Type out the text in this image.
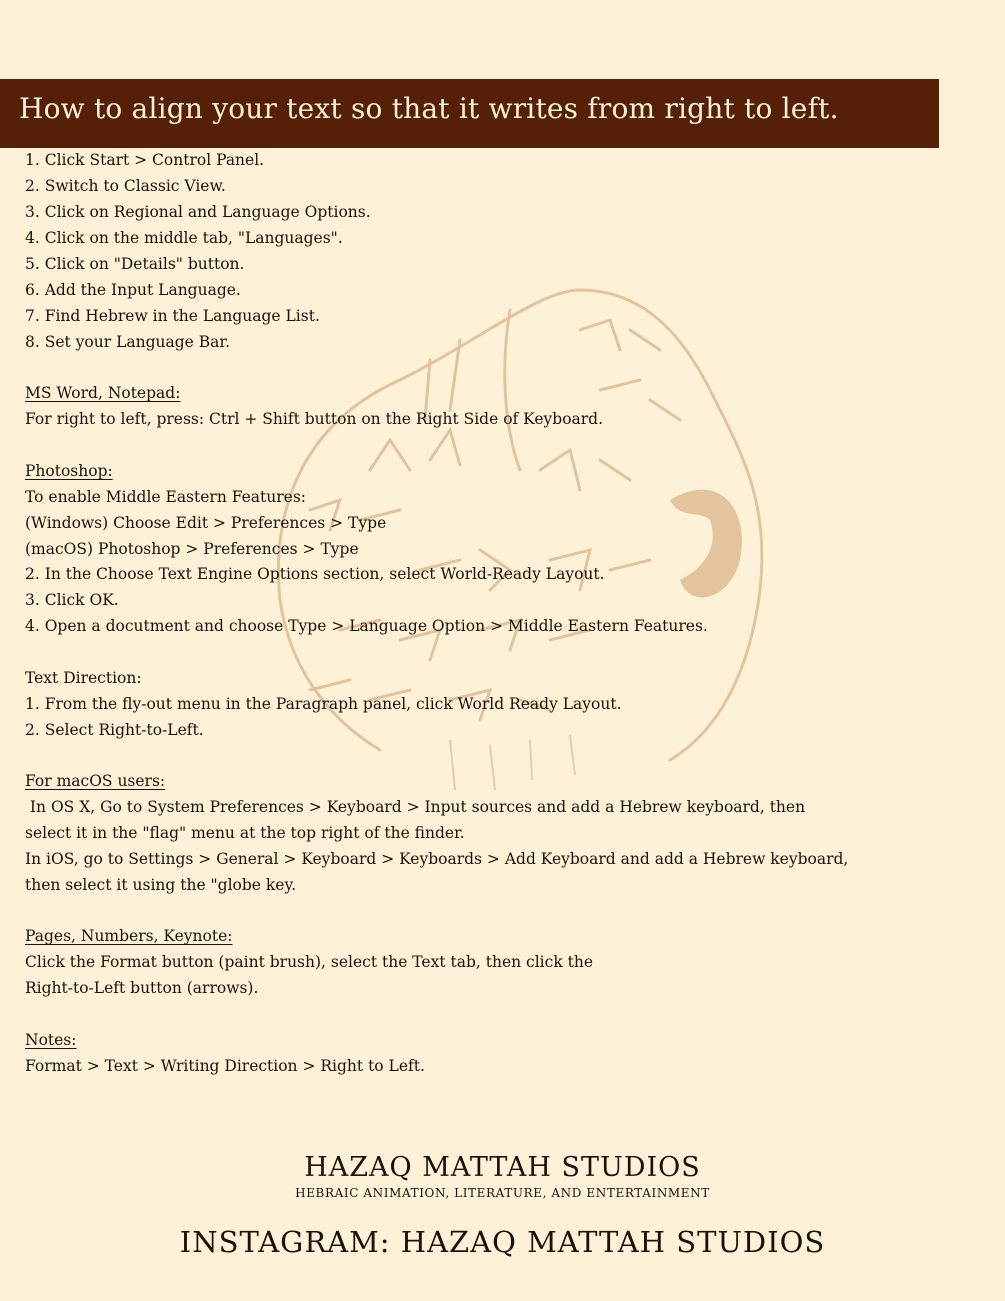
How to align your text so that it writes from right to left.
For PC Users:
1. Click Start > Control Panel.
2. Switch to Classic View.
3. Click on Regional and Language Options.
4. Click on the middle tab, "Languages".
5. Click on "Details" button.
6. Add the Input Language.
7. Find Hebrew in the Language List.
8. Set your Language Bar.
MS Word, Notepad:
For right to left, press: Ctrl + Shift button on the Right Side of Keyboard.
Photoshop:
To enable Middle Eastern Features:
(Windows) Choose Edit > Preferences > Type
(macOS) Photoshop > Preferences > Type
2. In the Choose Text Engine Options section, select World-Ready Layout.
3. Click OK.
4. Open a docutment and choose Type > Language Option > Middle Eastern Features.
Text Direction:
1. From the fly-out menu in the Paragraph panel, click World Ready Layout.
2. Select Right-to-Left.
For macOS users:
In OS X, Go to System Preferences > Keyboard > Input sources and add a Hebrew keyboard, then
select it in the "flag" menu at the top right of the finder.
In iOS, go to Settings > General > Keyboard > Keyboards > Add Keyboard and add a Hebrew keyboard,
then select it using the "globe key.
Pages, Numbers, Keynote:
Click the Format button (paint brush), select the Text tab, then click the
Right-to-Left button (arrows).
Notes:
Format > Text > Writing Direction > Right to Left.
HAZAQ MATTAH STUDIOS
HEBRAIC ANIMATION, LITERATURE, AND ENTERTAINMENT
INSTAGRAM: HAZAQ MATTAH STUDIOS
